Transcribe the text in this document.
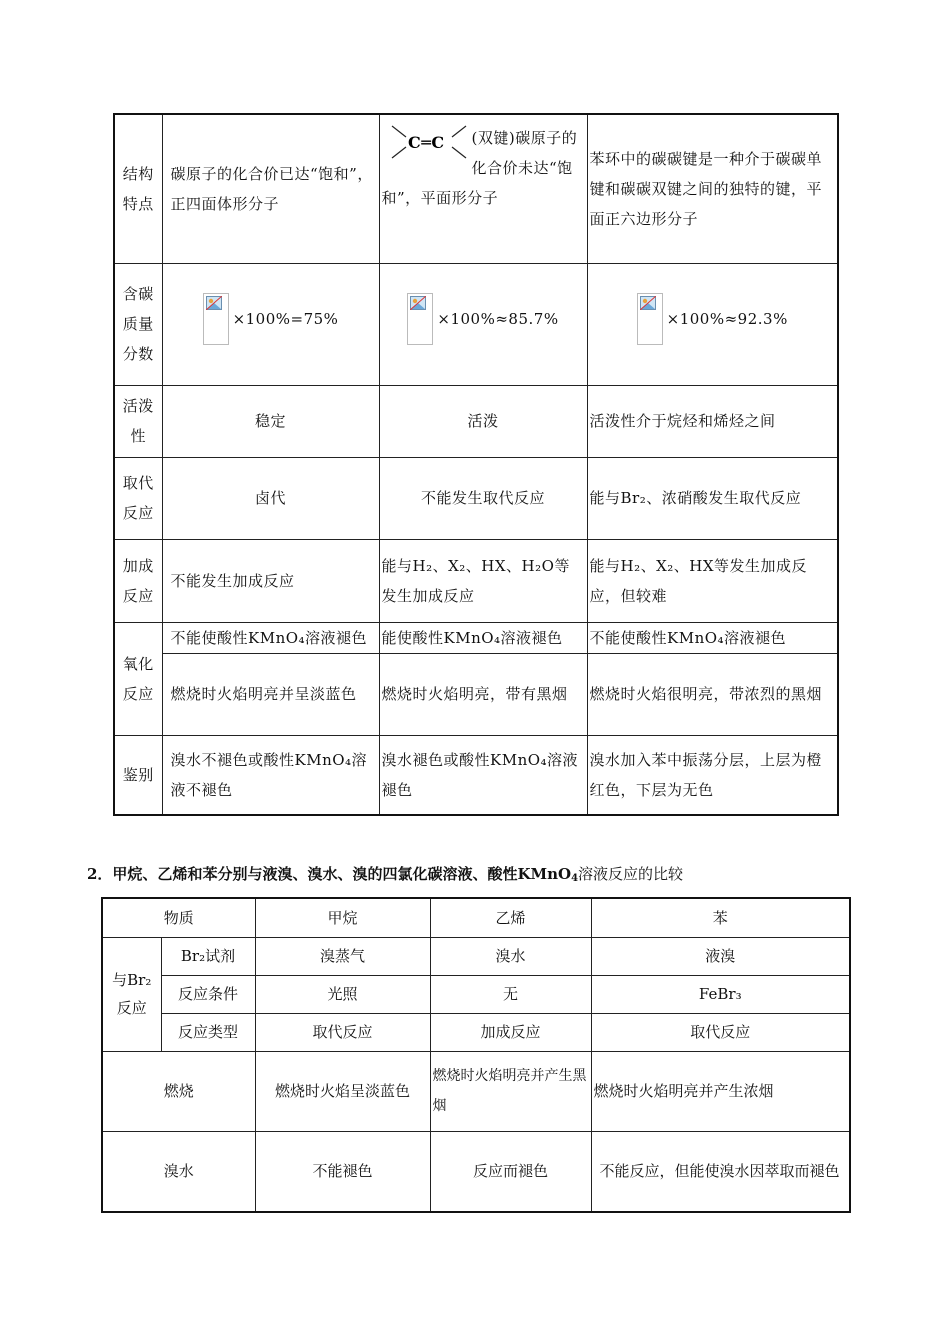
结构特点	碳原子的化合价已达“饱和”，正四面体形分子	C═C (双键)碳原子的化合价未达“饱和”，平面形分子	苯环中的碳碳键是一种介于碳碳单键和碳碳双键之间的独特的键，平面正六边形分子
含碳质量分数	×100%=75%	×100%≈85.7%	×100%≈92.3%

活泼性	稳定	活泼	活泼性介于烷烃和烯烃之间
取代反应	卤代	不能发生取代反应	能与Br₂、浓硝酸发生取代反应
加成反应	不能发生加成反应	能与H₂、X₂、HX、H₂O等发生加成反应	能与H₂、X₂、HX等发生加成反应，但较难
氧化反应	不能使酸性KMnO₄溶液褪色	能使酸性KMnO₄溶液褪色	不能使酸性KMnO₄溶液褪色
	燃烧时火焰明亮并呈淡蓝色	燃烧时火焰明亮，带有黑烟	燃烧时火焰很明亮，带浓烈的黑烟
鉴别	溴水不褪色或酸性KMnO₄溶液不褪色	溴水褪色或酸性KMnO₄溶液褪色	溴水加入苯中振荡分层，上层为橙红色，下层为无色

2．甲烷、乙烯和苯分别与液溴、溴水、溴的四氯化碳溶液、酸性KMnO$_4$溶液反应的比较

物质		甲烷	乙烯	苯
与Br₂反应	Br₂试剂	溴蒸气	溴水	液溴
	反应条件	光照	无	FeBr₃
	反应类型	取代反应	加成反应	取代反应
燃烧		燃烧时火焰呈淡蓝色	燃烧时火焰明亮并产生黑烟	燃烧时火焰明亮并产生浓烟
溴水		不能褪色	反应而褪色	不能反应，但能使溴水因萃取而褪色
